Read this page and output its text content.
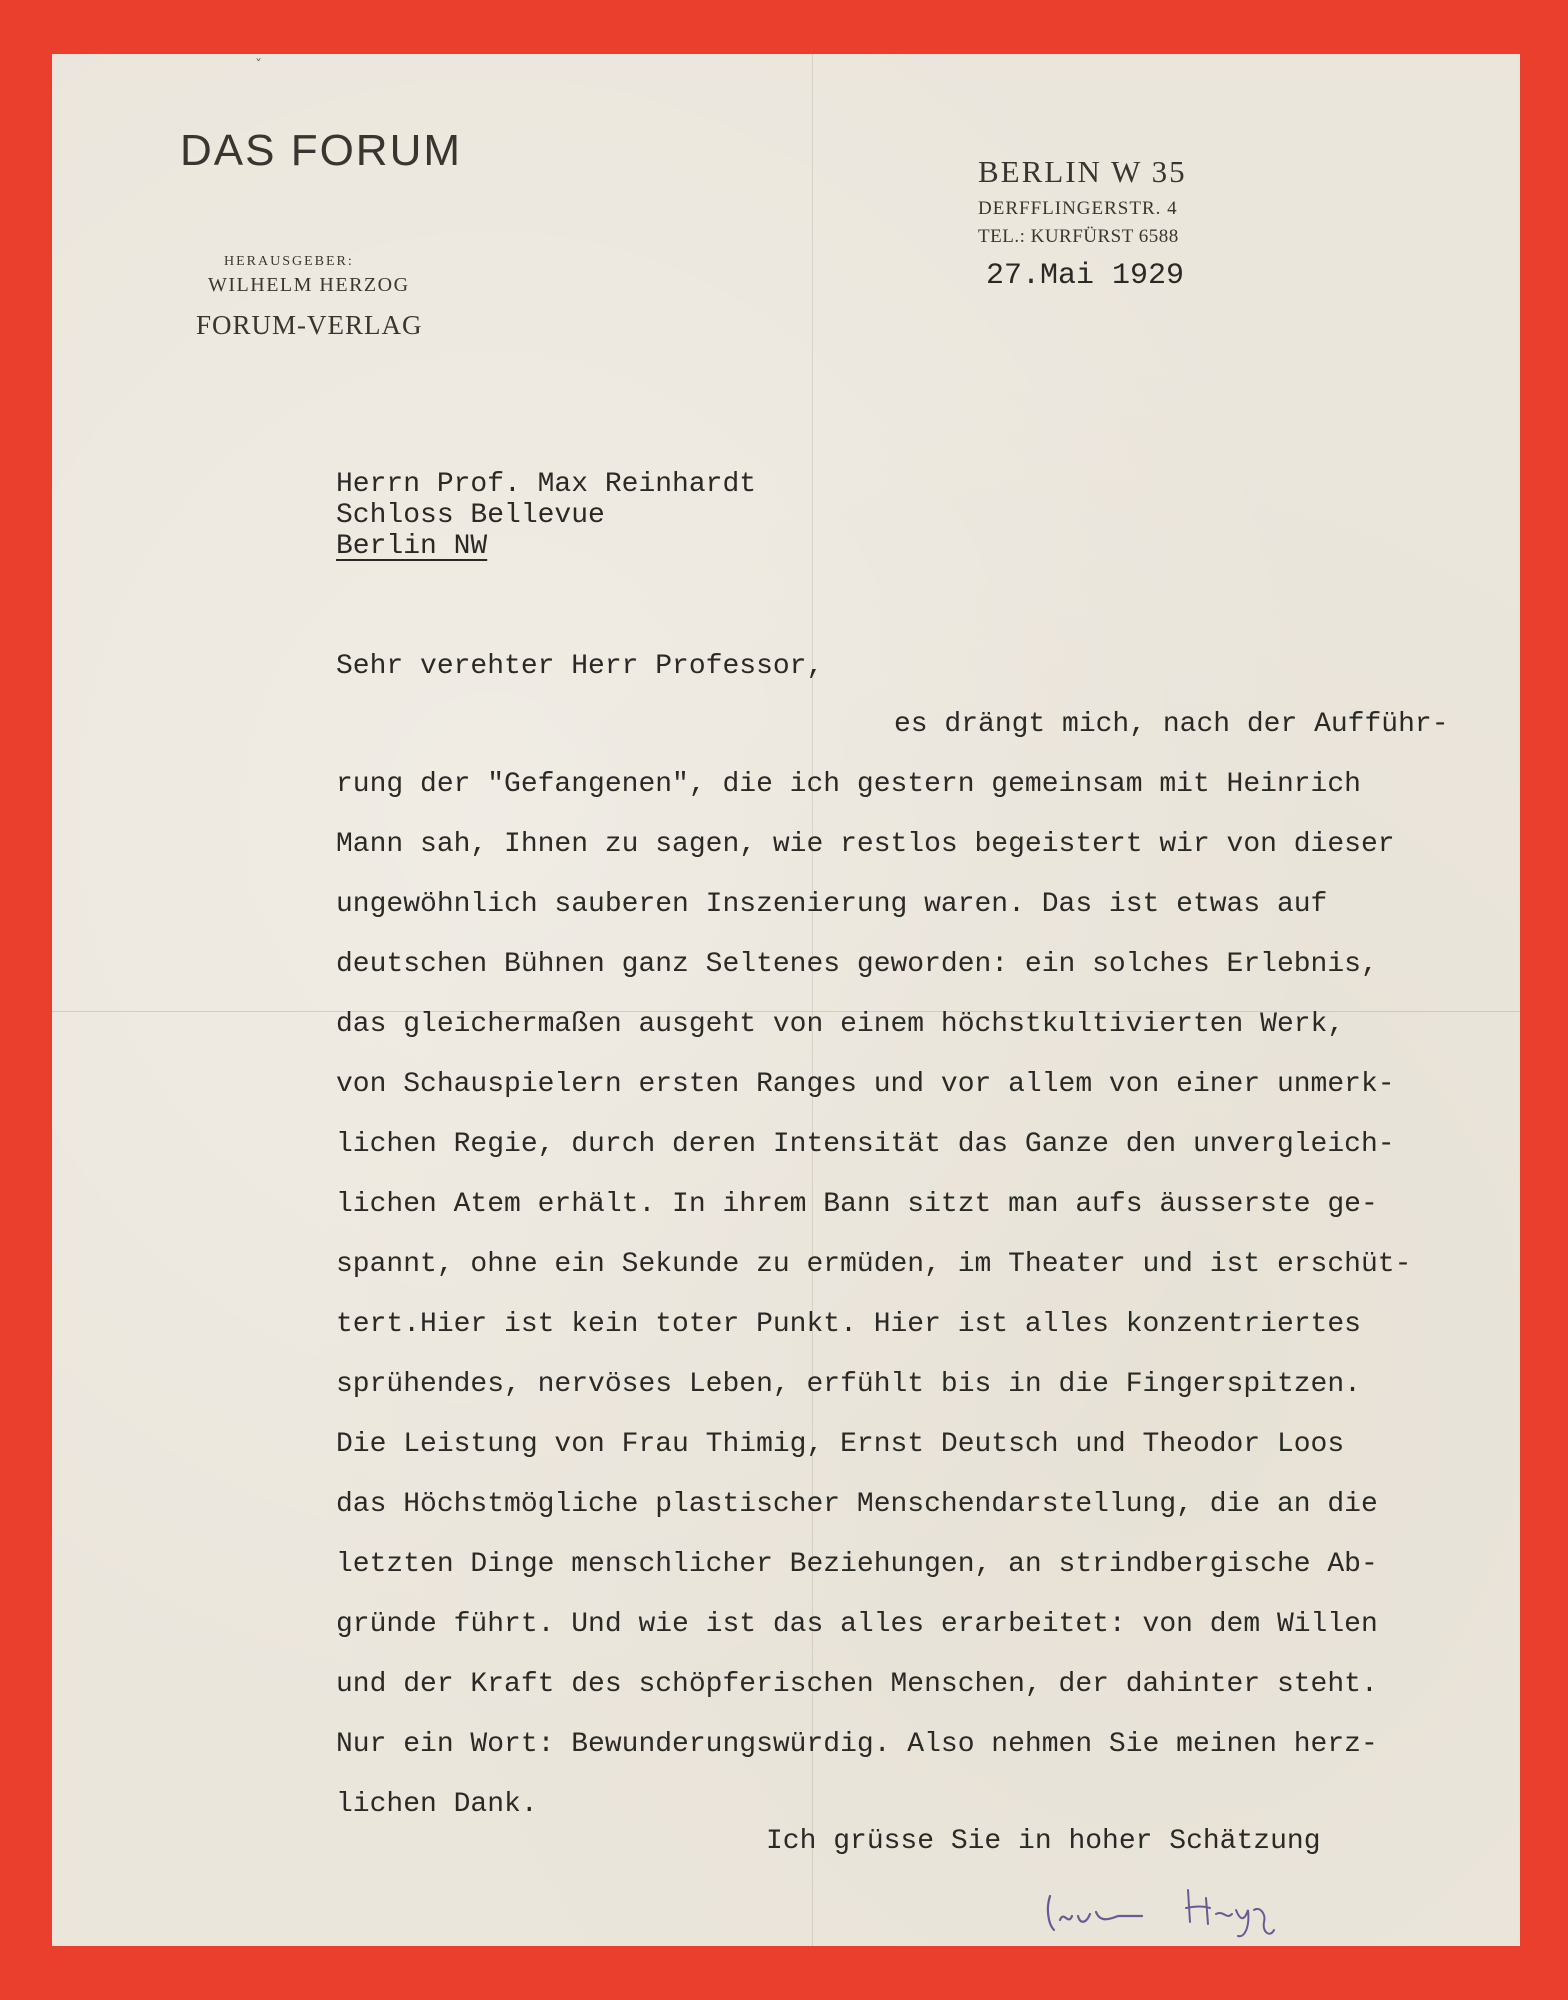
ˇ
DAS FORUM
HERAUSGEBER:
WILHELM HERZOG
FORUM-VERLAG
BERLIN W 35
DERFFLINGERSTR. 4
TEL.: KURFÜRST 6588
27.Mai 1929
Herrn Prof. Max Reinhardt
Schloss Bellevue
Berlin NW
Sehr verehter Herr Professor,
es drängt mich, nach der Aufführ-
rung der "Gefangenen", die ich gestern gemeinsam mit Heinrich
Mann sah, Ihnen zu sagen, wie restlos begeistert wir von dieser
ungewöhnlich sauberen Inszenierung waren. Das ist etwas auf
deutschen Bühnen ganz Seltenes geworden: ein solches Erlebnis,
das gleichermaßen ausgeht von einem höchstkultivierten Werk,
von Schauspielern ersten Ranges und vor allem von einer unmerk-
lichen Regie, durch deren Intensität das Ganze den unvergleich-
lichen Atem erhält. In ihrem Bann sitzt man aufs äusserste ge-
spannt, ohne ein Sekunde zu ermüden, im Theater und ist erschüt-
tert.Hier ist kein toter Punkt. Hier ist alles konzentriertes
sprühendes, nervöses Leben, erfühlt bis in die Fingerspitzen.
Die Leistung von Frau Thimig, Ernst Deutsch und Theodor Loos
das Höchstmögliche plastischer Menschendarstellung, die an die
letzten Dinge menschlicher Beziehungen, an strindbergische Ab-
gründe führt. Und wie ist das alles erarbeitet: von dem Willen
und der Kraft des schöpferischen Menschen, der dahinter steht.
Nur ein Wort: Bewunderungswürdig. Also nehmen Sie meinen herz-
lichen Dank.
Ich grüsse Sie in hoher Schätzung
